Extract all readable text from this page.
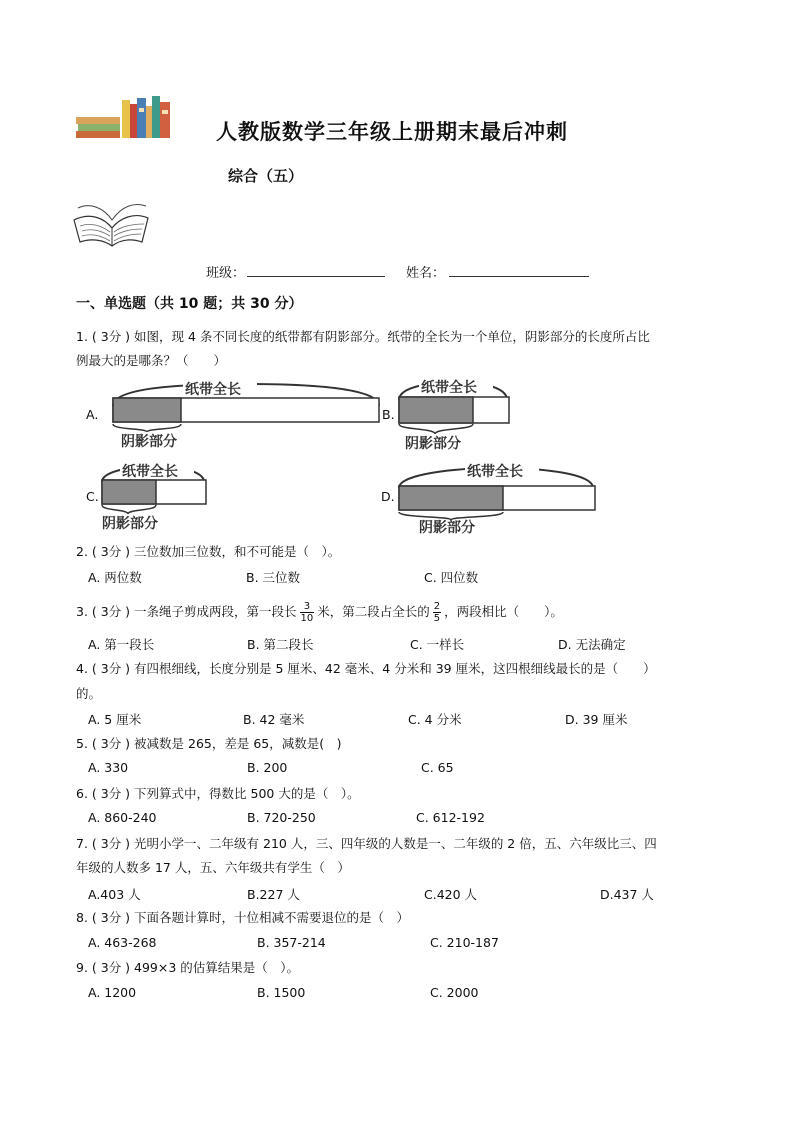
人教版数学三年级上册期末最后冲刺
综合（五）
班级：	姓名：
一、单选题（共 10 题；共 30 分）
1. ( 3分 ) 如图，现 4 条不同长度的纸带都有阴影部分。纸带的全长为一个单位，阴影部分的长度所占比
例最大的是哪条？（　　）
A.
纸带全长
阴影部分
B.
纸带全长
阴影部分
C.
纸带全长
阴影部分
D.
纸带全长
阴影部分
2. ( 3分 ) 三位数加三位数，和不可能是（　）。
A. 两位数	B. 三位数	C. 四位数
3. ( 3分 ) 一条绳子剪成两段，第一段长 $\frac{3}{10}$ 米，第二段占全长的 $\frac{2}{5}$ ，两段相比（　　）。
A. 第一段长	B. 第二段长	C. 一样长	D. 无法确定
4. ( 3分 ) 有四根细线，长度分别是 5 厘米、42 毫米、4 分米和 39 厘米，这四根细线最长的是（　　）
的。
A. 5 厘米	B. 42 毫米	C. 4 分米	D. 39 厘米
5. ( 3分 ) 被减数是 265，差是 65，减数是(　)
A. 330	B. 200	C. 65
6. ( 3分 ) 下列算式中，得数比 500 大的是（　）。
A. 860-240	B. 720-250	C. 612-192
7. ( 3分 ) 光明小学一、二年级有 210 人，三、四年级的人数是一、二年级的 2 倍，五、六年级比三、四
年级的人数多 17 人，五、六年级共有学生（　）
A.403 人	B.227 人	C.420 人	D.437 人
8. ( 3分 ) 下面各题计算时，十位相减不需要退位的是（　）
A. 463-268	B. 357-214	C. 210-187
9. ( 3分 ) 499×3 的估算结果是（　）。
A. 1200	B. 1500	C. 2000
